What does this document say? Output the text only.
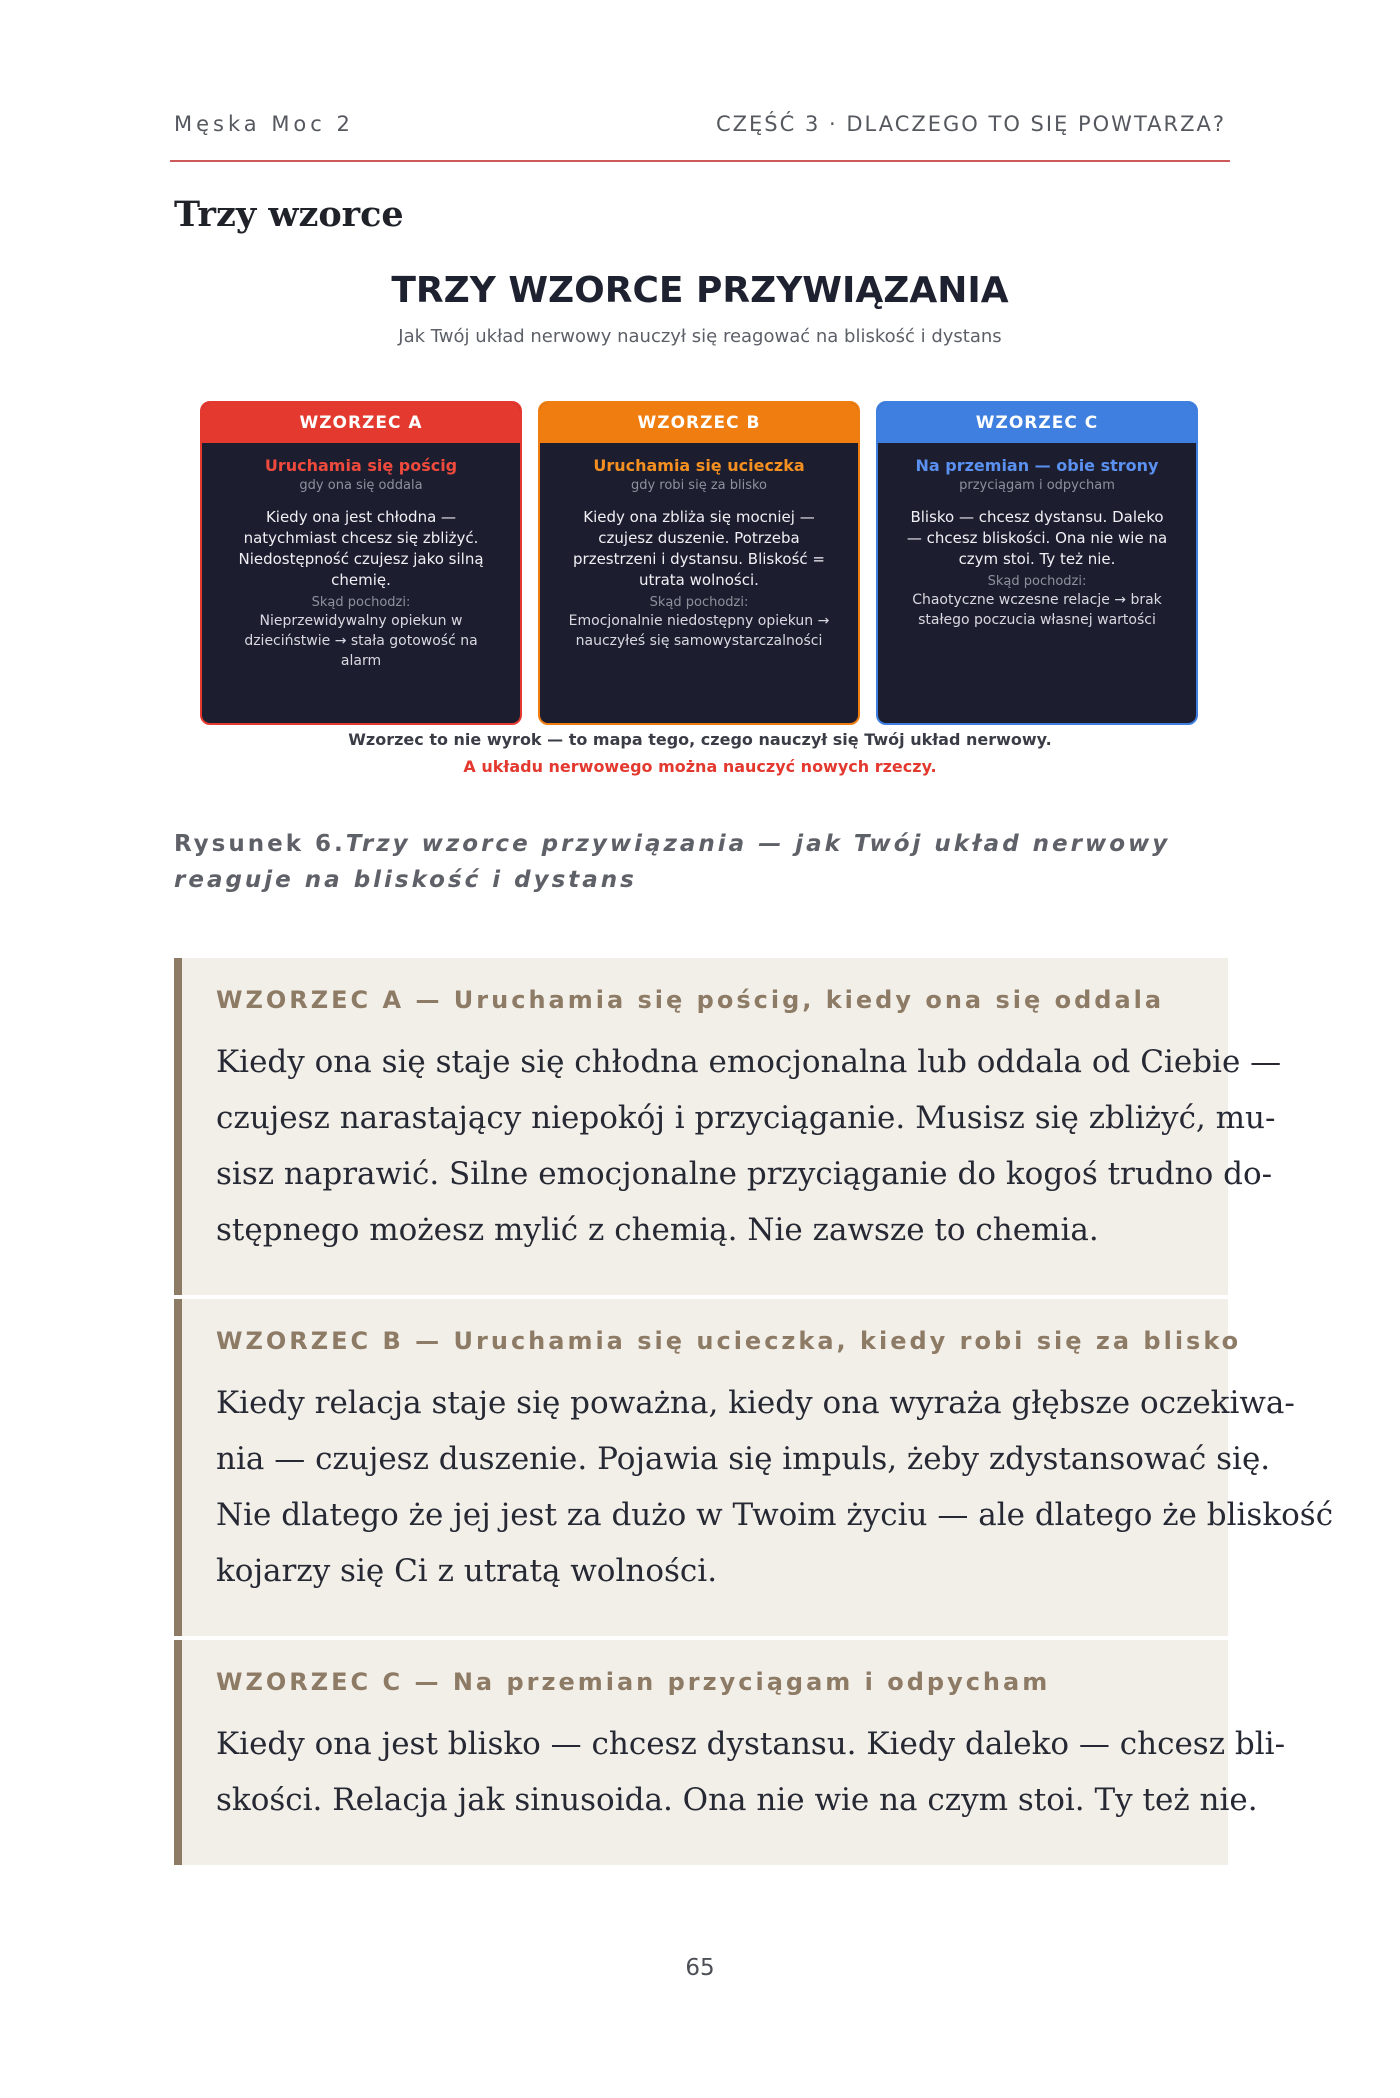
Męska Moc 2	CZĘŚĆ 3 · DLACZEGO TO SIĘ POWTARZA?
Trzy wzorce
TRZY WZORCE PRZYWIĄZANIA
Jak Twój układ nerwowy nauczył się reagować na bliskość i dystans
WZORZEC A
Uruchamia się pościg
gdy ona się oddala
Kiedy ona jest chłodna —
natychmiast chcesz się zbliżyć.
Niedostępność czujesz jako silną
chemię.
Skąd pochodzi:
Nieprzewidywalny opiekun w
dzieciństwie → stała gotowość na
alarm
WZORZEC B
Uruchamia się ucieczka
gdy robi się za blisko
Kiedy ona zbliża się mocniej —
czujesz duszenie. Potrzeba
przestrzeni i dystansu. Bliskość =
utrata wolności.
Skąd pochodzi:
Emocjonalnie niedostępny opiekun →
nauczyłeś się samowystarczalności
WZORZEC C
Na przemian — obie strony
przyciągam i odpycham
Blisko — chcesz dystansu. Daleko
— chcesz bliskości. Ona nie wie na
czym stoi. Ty też nie.
Skąd pochodzi:
Chaotyczne wczesne relacje → brak
stałego poczucia własnej wartości
Wzorzec to nie wyrok — to mapa tego, czego nauczył się Twój układ nerwowy.
A układu nerwowego można nauczyć nowych rzeczy.
Rysunek 6.Trzy wzorce przywiązania — jak Twój układ nerwowy reaguje na bliskość i dystans
WZORZEC A — Uruchamia się pościg, kiedy ona się oddala
Kiedy ona się staje się chłodna emocjonalna lub oddala od Ciebie —
czujesz narastający niepokój i przyciąganie. Musisz się zbliżyć, mu-
sisz naprawić. Silne emocjonalne przyciąganie do kogoś trudno do-
stępnego możesz mylić z chemią. Nie zawsze to chemia.
WZORZEC B — Uruchamia się ucieczka, kiedy robi się za blisko
Kiedy relacja staje się poważna, kiedy ona wyraża głębsze oczekiwa-
nia — czujesz duszenie. Pojawia się impuls, żeby zdystansować się.
Nie dlatego że jej jest za dużo w Twoim życiu — ale dlatego że bliskość
kojarzy się Ci z utratą wolności.
WZORZEC C — Na przemian przyciągam i odpycham
Kiedy ona jest blisko — chcesz dystansu. Kiedy daleko — chcesz bli-
skości. Relacja jak sinusoida. Ona nie wie na czym stoi. Ty też nie.
65
